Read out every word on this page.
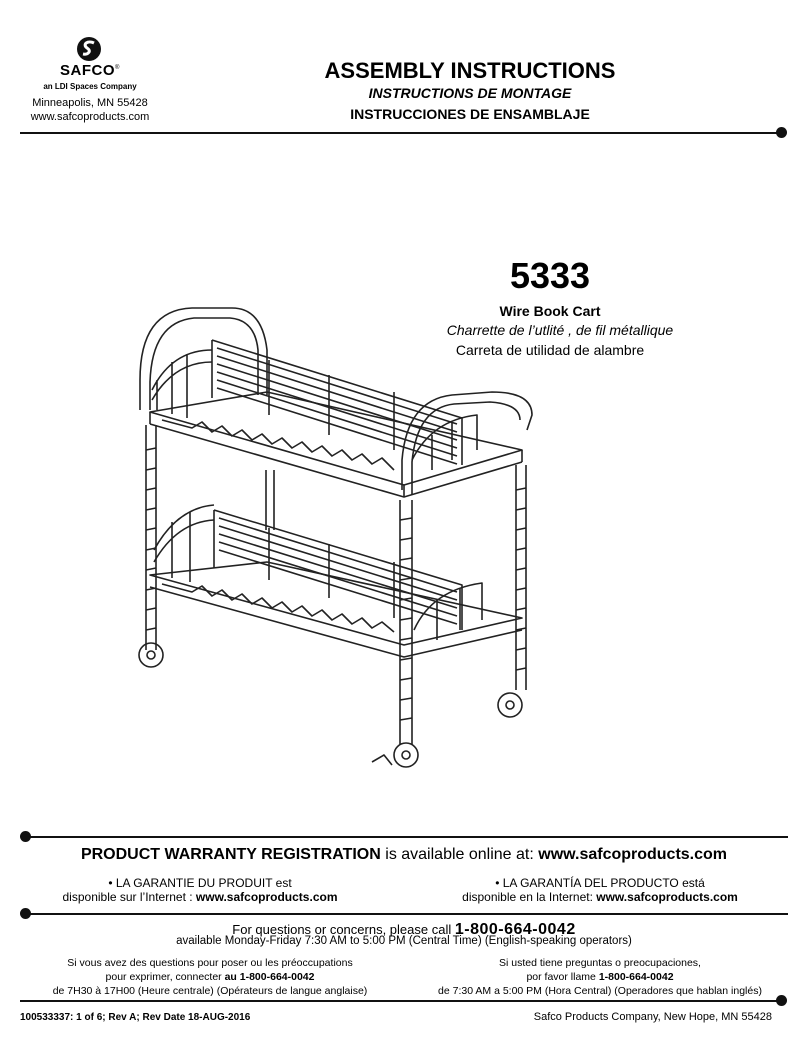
SAFCO®
an LDI Spaces Company
Minneapolis, MN 55428
www.safcoproducts.com
ASSEMBLY INSTRUCTIONS
INSTRUCTIONS DE MONTAGE
INSTRUCCIONES DE ENSAMBLAJE
5333
Wire Book Cart
Charrette de l’utlité , de fil métallique
Carreta de utilidad de alambre
PRODUCT WARRANTY REGISTRATION is available online at: www.safcoproducts.com
• LA GARANTIE DU PRODUIT est
disponible sur l’Internet : www.safcoproducts.com
• LA GARANTÍA DEL PRODUCTO está
disponible en la Internet: www.safcoproducts.com
For questions or concerns, please call 1-800-664-0042
available Monday-Friday 7:30 AM to 5:00 PM (Central Time) (English-speaking operators)
Si vous avez des questions pour poser ou les préoccupations
pour exprimer, connecter au 1-800-664-0042
de 7H30 à 17H00 (Heure centrale) (Opérateurs de langue anglaise)
Si usted tiene preguntas o preocupaciones,
por favor llame 1-800-664-0042
de 7:30 AM a 5:00 PM (Hora Central) (Operadores que hablan inglés)
100533337: 1 of 6; Rev A; Rev Date 18-AUG-2016	Safco Products Company, New Hope, MN 55428
